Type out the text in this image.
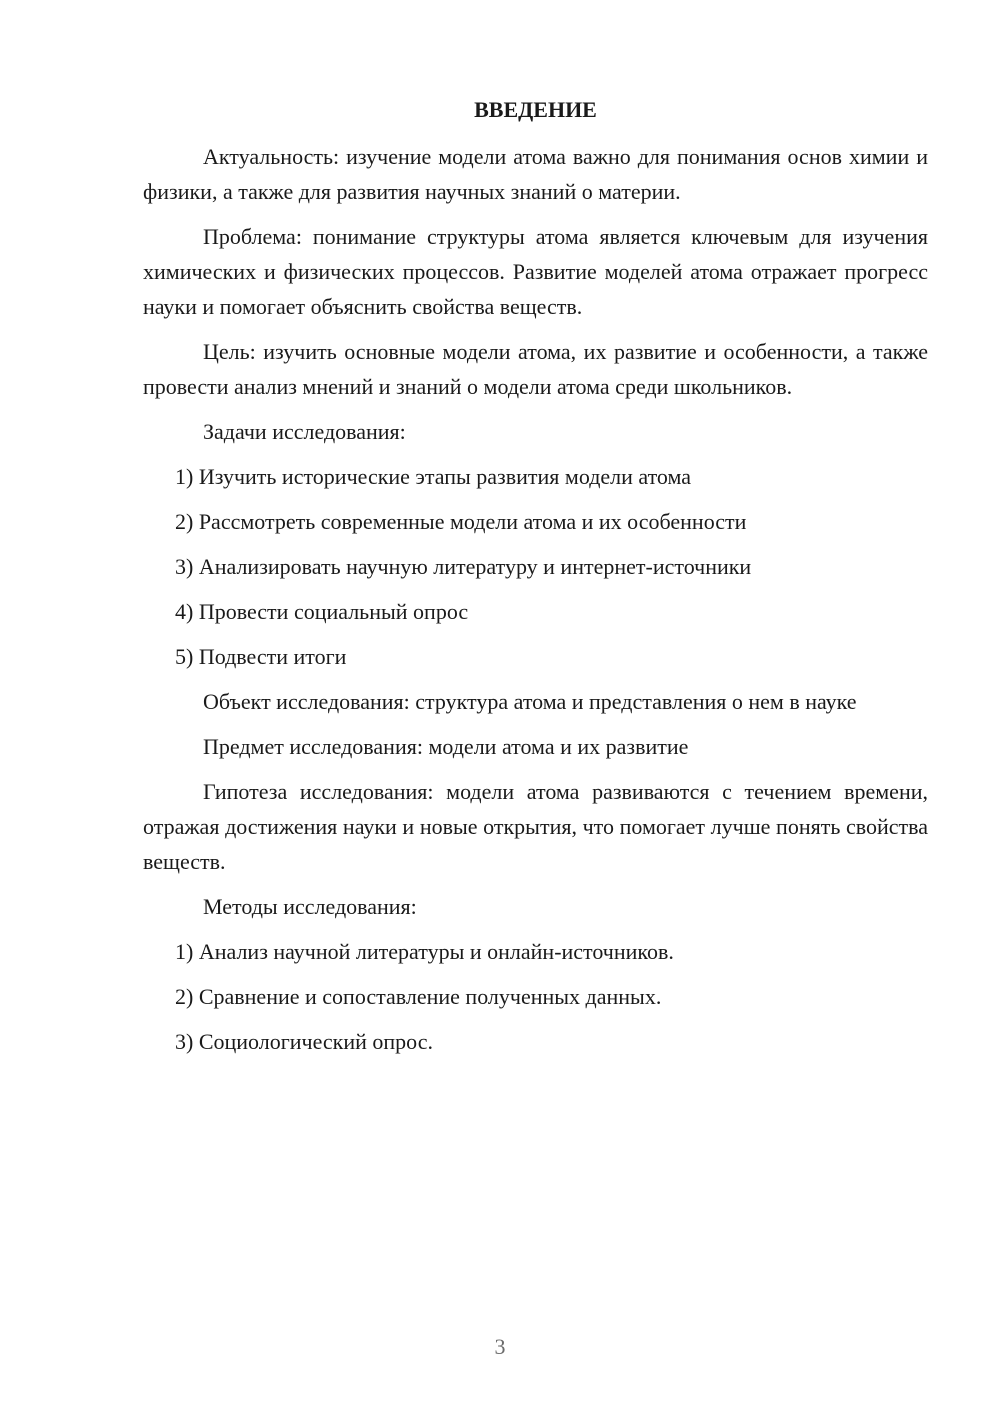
ВВЕДЕНИЕ

Актуальность: изучение модели атома важно для понимания основ химии и физики, а также для развития научных знаний о материи.

Проблема: понимание структуры атома является ключевым для изучения химических и физических процессов. Развитие моделей атома отражает прогресс науки и помогает объяснить свойства веществ.

Цель: изучить основные модели атома, их развитие и особенности, а также провести анализ мнений и знаний о модели атома среди школьников.

Задачи исследования:

1) Изучить исторические этапы развития модели атома
2) Рассмотреть современные модели атома и их особенности
3) Анализировать научную литературу и интернет-источники
4) Провести социальный опрос
5) Подвести итоги

Объект исследования: структура атома и представления о нем в науке

Предмет исследования: модели атома и их развитие

Гипотеза исследования: модели атома развиваются с течением времени, отражая достижения науки и новые открытия, что помогает лучше понять свойства веществ.

Методы исследования:

1) Анализ научной литературы и онлайн-источников.
2) Сравнение и сопоставление полученных данных.
3) Социологический опрос.
3
